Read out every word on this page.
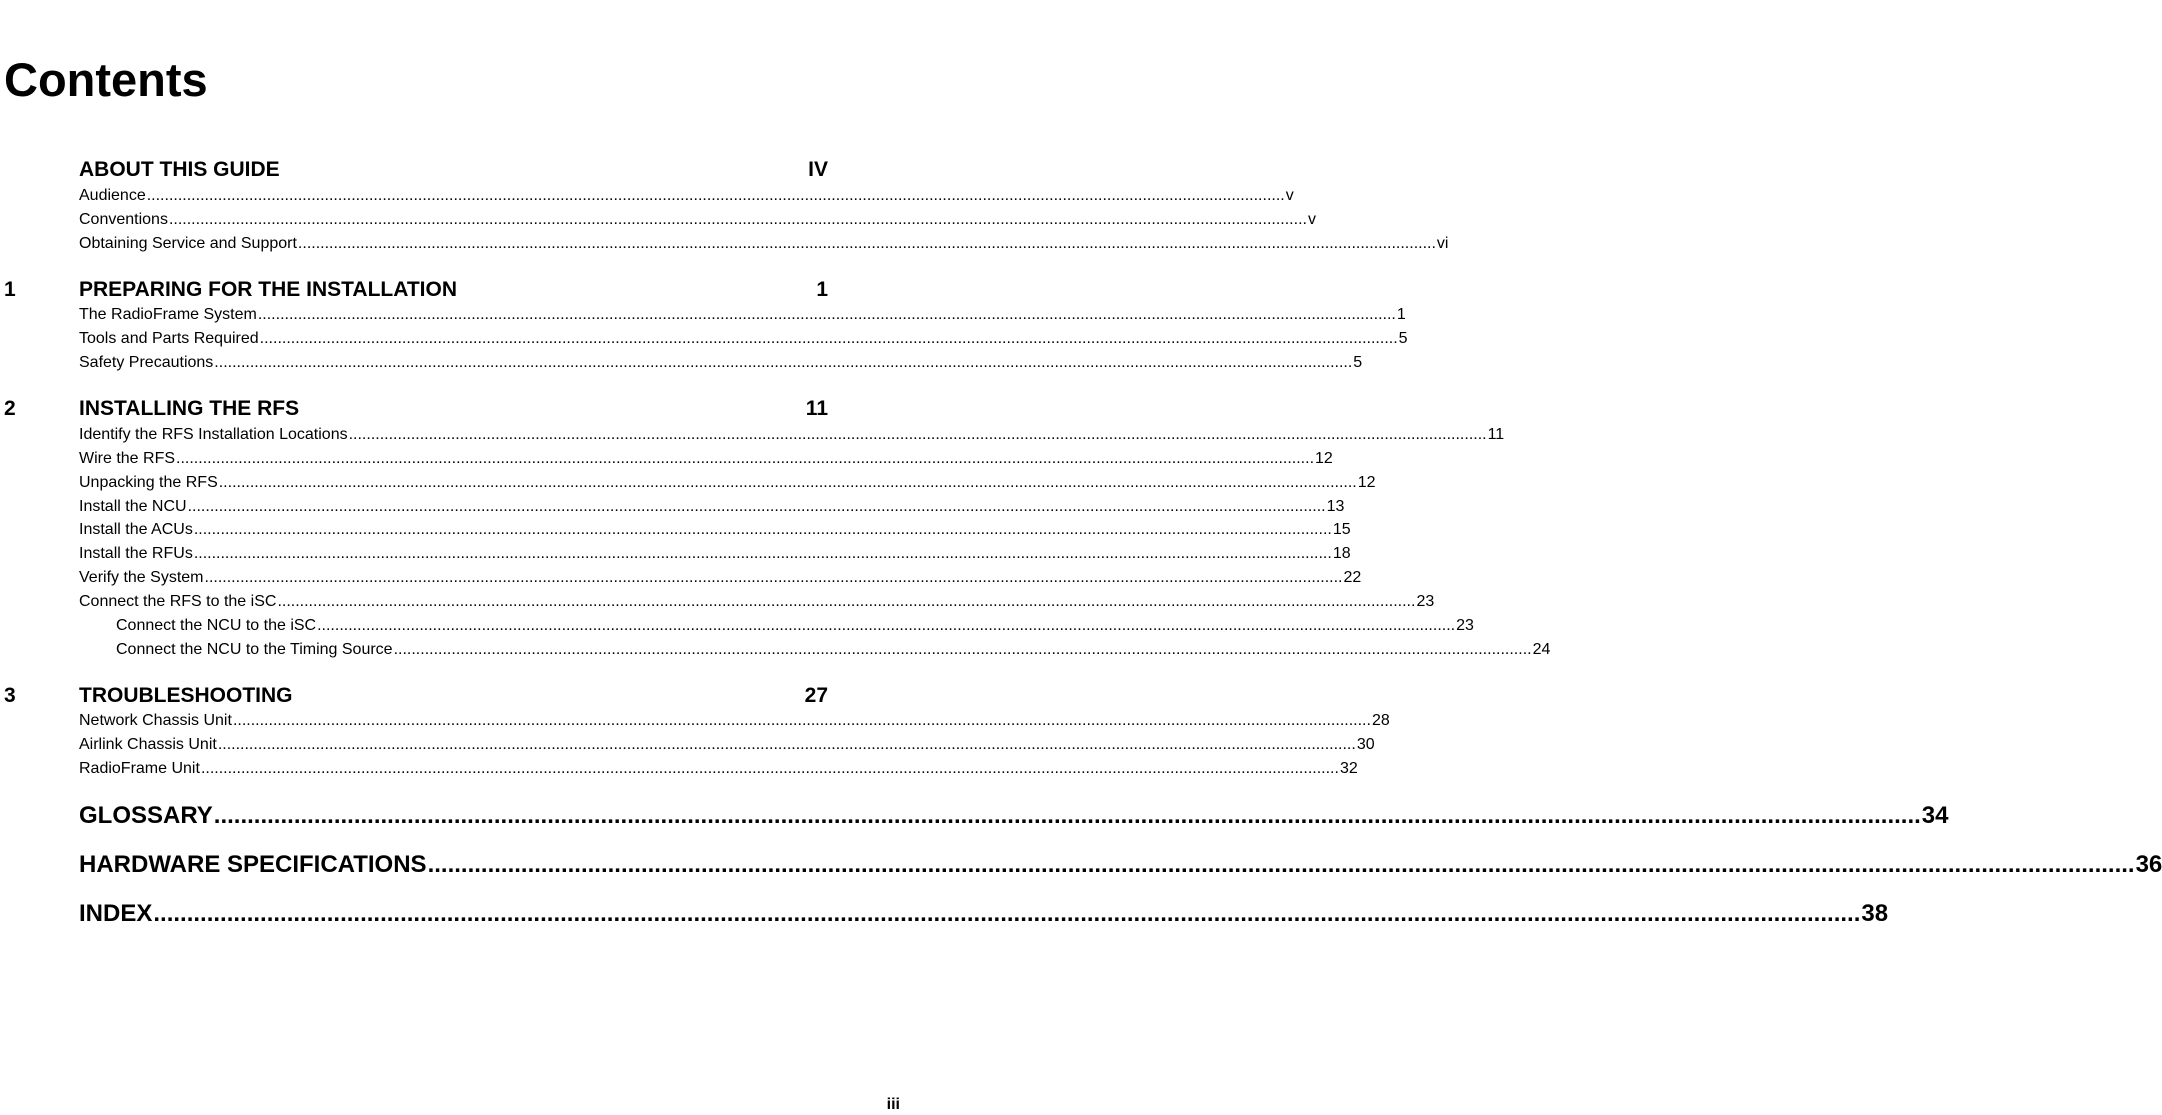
Contents
ABOUT THIS GUIDE	IV
Audience ................................................................................................................................................................................................................................................................ v
Conventions ................................................................................................................................................................................................................................................................ v
Obtaining Service and Support ................................................................................................................................................................................................................................................................ vi
1	PREPARING FOR THE INSTALLATION	1
The RadioFrame System ................................................................................................................................................................................................................................................................ 1
Tools and Parts Required ................................................................................................................................................................................................................................................................ 5
Safety Precautions ................................................................................................................................................................................................................................................................ 5
2	INSTALLING THE RFS	11
Identify the RFS Installation Locations ................................................................................................................................................................................................................................................................ 11
Wire the RFS ................................................................................................................................................................................................................................................................ 12
Unpacking the RFS ................................................................................................................................................................................................................................................................ 12
Install the NCU ................................................................................................................................................................................................................................................................ 13
Install the ACUs ................................................................................................................................................................................................................................................................ 15
Install the RFUs ................................................................................................................................................................................................................................................................ 18
Verify the System ................................................................................................................................................................................................................................................................ 22
Connect the RFS to the iSC ................................................................................................................................................................................................................................................................ 23
Connect the NCU to the iSC ................................................................................................................................................................................................................................................................ 23
Connect the NCU to the Timing Source ................................................................................................................................................................................................................................................................ 24
3	TROUBLESHOOTING	27
Network Chassis Unit ................................................................................................................................................................................................................................................................ 28
Airlink Chassis Unit ................................................................................................................................................................................................................................................................ 30
RadioFrame Unit ................................................................................................................................................................................................................................................................ 32
GLOSSARY ................................................................................................................................................................................................................................................................ 34
HARDWARE SPECIFICATIONS ................................................................................................................................................................................................................................................................ 36
INDEX ................................................................................................................................................................................................................................................................ 38
iii
